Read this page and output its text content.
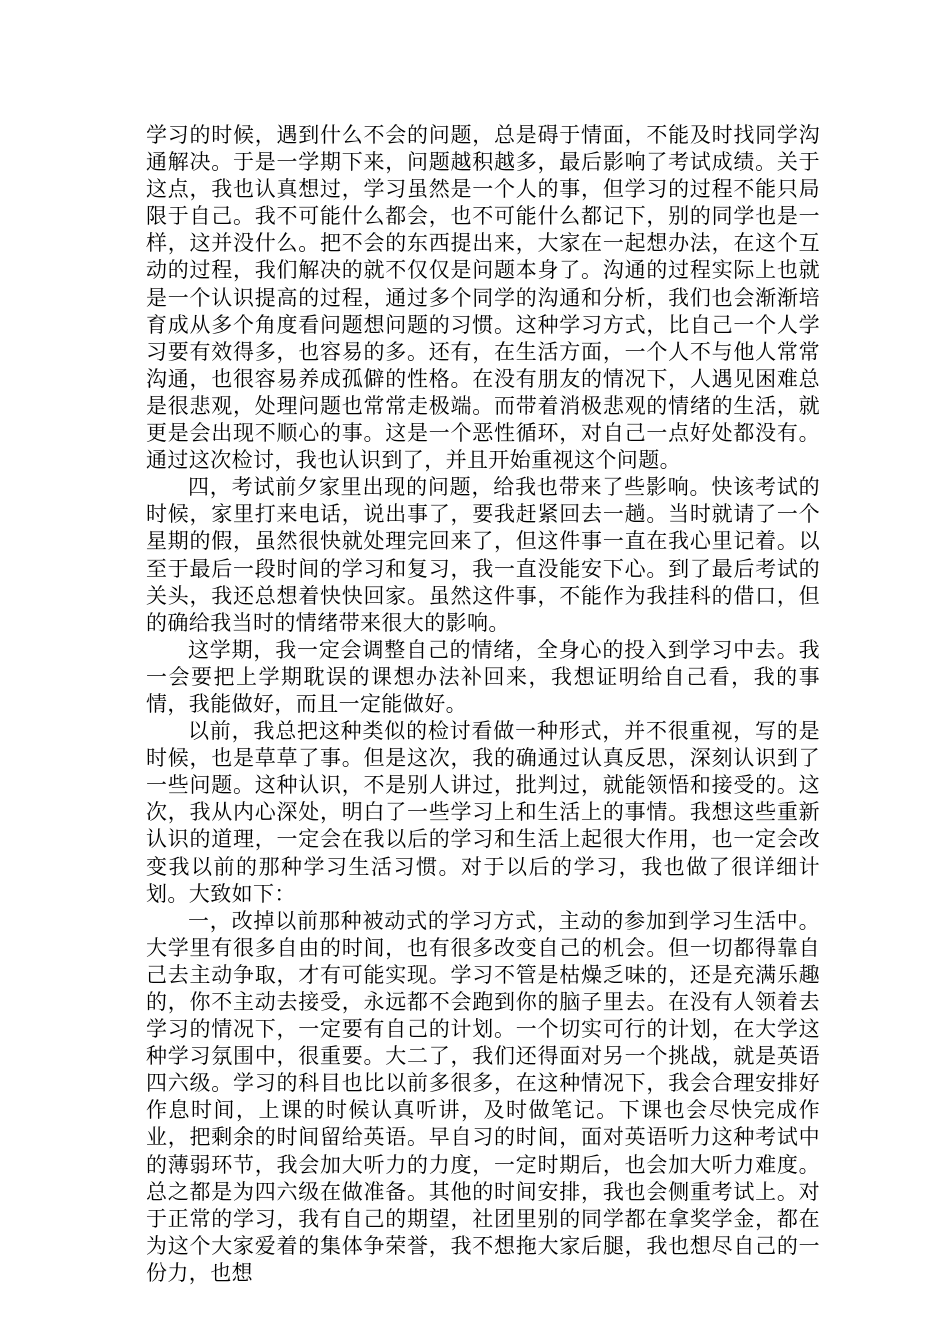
学习的时候，遇到什么不会的问题，总是碍于情面，不能及时找同学沟通解决。于是一学期下来，问题越积越多，最后影响了考试成绩。关于这点，我也认真想过，学习虽然是一个人的事，但学习的过程不能只局限于自己。我不可能什么都会，也不可能什么都记下，别的同学也是一样，这并没什么。把不会的东西提出来，大家在一起想办法，在这个互动的过程，我们解决的就不仅仅是问题本身了。沟通的过程实际上也就是一个认识提高的过程，通过多个同学的沟通和分析，我们也会渐渐培育成从多个角度看问题想问题的习惯。这种学习方式，比自己一个人学习要有效得多，也容易的多。还有，在生活方面，一个人不与他人常常沟通，也很容易养成孤僻的性格。在没有朋友的情况下，人遇见困难总是很悲观，处理问题也常常走极端。而带着消极悲观的情绪的生活，就更是会出现不顺心的事。这是一个恶性循环，对自己一点好处都没有。通过这次检讨，我也认识到了，并且开始重视这个问题。

四，考试前夕家里出现的问题，给我也带来了些影响。快该考试的时候，家里打来电话，说出事了，要我赶紧回去一趟。当时就请了一个星期的假，虽然很快就处理完回来了，但这件事一直在我心里记着。以至于最后一段时间的学习和复习，我一直没能安下心。到了最后考试的关头，我还总想着快快回家。虽然这件事，不能作为我挂科的借口，但的确给我当时的情绪带来很大的影响。

这学期，我一定会调整自己的情绪，全身心的投入到学习中去。我一会要把上学期耽误的课想办法补回来，我想证明给自己看，我的事情，我能做好，而且一定能做好。

以前，我总把这种类似的检讨看做一种形式，并不很重视，写的是时候，也是草草了事。但是这次，我的确通过认真反思，深刻认识到了一些问题。这种认识，不是别人讲过，批判过，就能领悟和接受的。这次，我从内心深处，明白了一些学习上和生活上的事情。我想这些重新认识的道理，一定会在我以后的学习和生活上起很大作用，也一定会改变我以前的那种学习生活习惯。对于以后的学习，我也做了很详细计划。大致如下：

一，改掉以前那种被动式的学习方式，主动的参加到学习生活中。大学里有很多自由的时间，也有很多改变自己的机会。但一切都得靠自己去主动争取，才有可能实现。学习不管是枯燥乏味的，还是充满乐趣的，你不主动去接受，永远都不会跑到你的脑子里去。在没有人领着去学习的情况下，一定要有自己的计划。一个切实可行的计划，在大学这种学习氛围中，很重要。大二了，我们还得面对另一个挑战，就是英语四六级。学习的科目也比以前多很多，在这种情况下，我会合理安排好作息时间，上课的时候认真听讲，及时做笔记。下课也会尽快完成作业，把剩余的时间留给英语。早自习的时间，面对英语听力这种考试中的薄弱环节，我会加大听力的力度，一定时期后，也会加大听力难度。总之都是为四六级在做准备。其他的时间安排，我也会侧重考试上。对于正常的学习，我有自己的期望，社团里别的同学都在拿奖学金，都在为这个大家爱着的集体争荣誉，我不想拖大家后腿，我也想尽自己的一份力，也想
